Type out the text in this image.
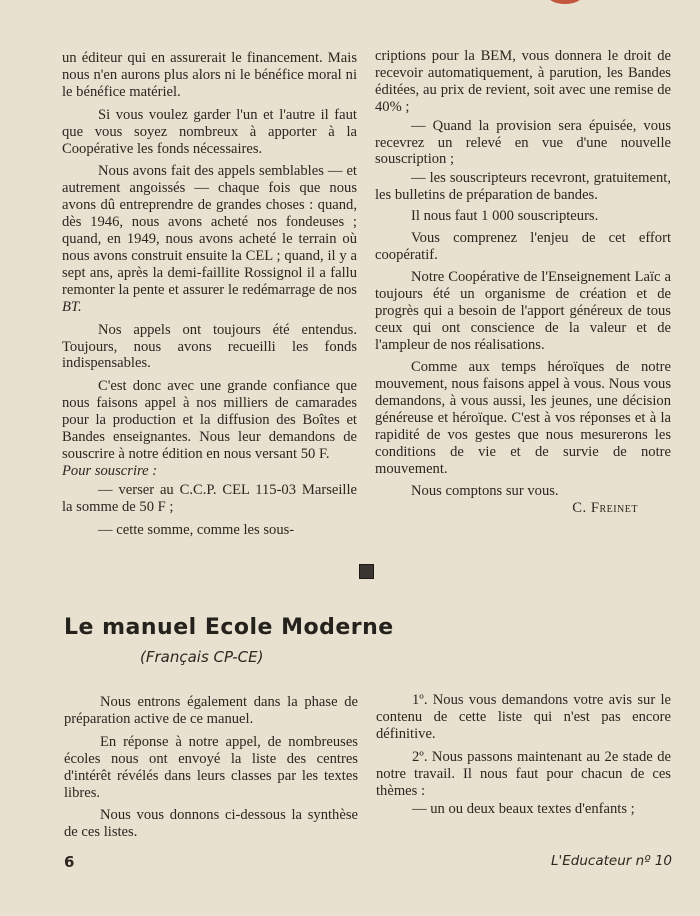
un éditeur qui en assurerait le financement. Mais nous n'en aurons plus alors ni le bénéfice moral ni le bénéfice matériel.

Si vous voulez garder l'un et l'autre il faut que vous soyez nombreux à apporter à la Coopérative les fonds nécessaires.

Nous avons fait des appels semblables — et autrement angoissés — chaque fois que nous avons dû entreprendre de grandes choses : quand, dès 1946, nous avons acheté nos fondeuses ; quand, en 1949, nous avons acheté le terrain où nous avons construit ensuite la CEL ; quand, il y a sept ans, après la demi-faillite Rossignol il a fallu remonter la pente et assurer le redémarrage de nos BT.

Nos appels ont toujours été entendus. Toujours, nous avons recueilli les fonds indispensables.

C'est donc avec une grande confiance que nous faisons appel à nos milliers de camarades pour la production et la diffusion des Boîtes et Bandes enseignantes. Nous leur demandons de souscrire à notre édition en nous versant 50 F.

Pour souscrire :

— verser au C.C.P. CEL 115-03 Marseille la somme de 50 F ;

— cette somme, comme les sous-

criptions pour la BEM, vous donnera le droit de recevoir automatiquement, à parution, les Bandes éditées, au prix de revient, soit avec une remise de 40% ;

— Quand la provision sera épuisée, vous recevrez un relevé en vue d'une nouvelle souscription ;

— les souscripteurs recevront, gratuitement, les bulletins de préparation de bandes.

Il nous faut 1 000 souscripteurs.

Vous comprenez l'enjeu de cet effort coopératif.

Notre Coopérative de l'Enseignement Laïc a toujours été un organisme de création et de progrès qui a besoin de l'apport généreux de tous ceux qui ont conscience de la valeur et de l'ampleur de nos réalisations.

Comme aux temps héroïques de notre mouvement, nous faisons appel à vous. Nous vous demandons, à vous aussi, les jeunes, une décision généreuse et héroïque. C'est à vos réponses et à la rapidité de vos gestes que nous mesurerons les conditions de vie et de survie de notre mouvement.

Nous comptons sur vous.

C. Freinet

Le manuel Ecole Moderne

(Français CP-CE)

Nous entrons également dans la phase de préparation active de ce manuel.

En réponse à notre appel, de nombreuses écoles nous ont envoyé la liste des centres d'intérêt révélés dans leurs classes par les textes libres.

Nous vous donnons ci-dessous la synthèse de ces listes.

1º. Nous vous demandons votre avis sur le contenu de cette liste qui n'est pas encore définitive.

2º. Nous passons maintenant au 2e stade de notre travail. Il nous faut pour chacun de ces thèmes :

— un ou deux beaux textes d'enfants ;

6	L'Educateur nº 10
